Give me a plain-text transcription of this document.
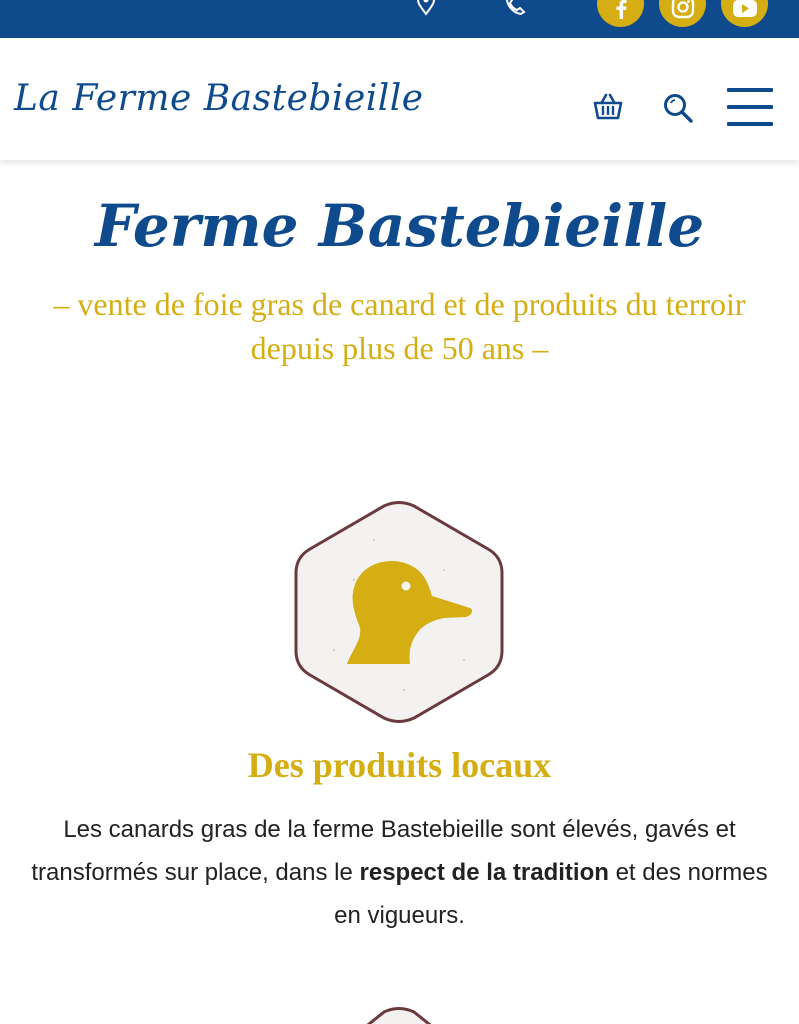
La Ferme Bastebieille
Ferme Bastebieille

– vente de foie gras de canard et de produits du terroir depuis plus de 50 ans –

Des produits locaux

Les canards gras de la ferme Bastebieille sont élevés, gavés et transformés sur place, dans le respect de la tradition et des normes en vigueurs.
